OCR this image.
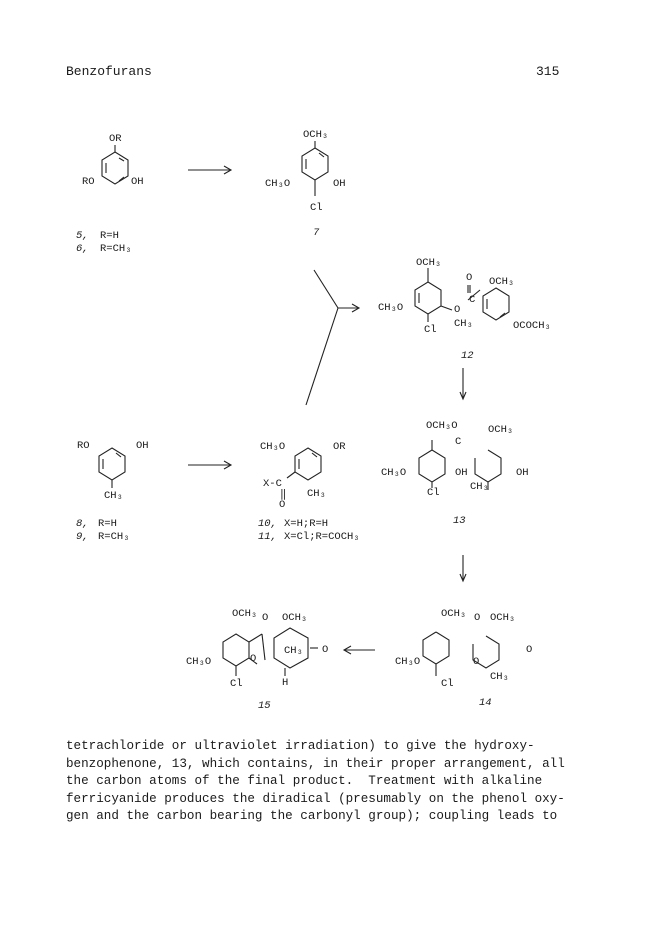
Benzofurans	315
OR
RO	OH
5, R=H
6, R=CH₃
OCH₃
CH₃O	OH
Cl
7
OCH₃
CH₃O
Cl
O
C
O
OCH₃
CH₃	OCOCH₃
12
RO	OH
CH₃
8, R=H
9, R=CH₃
CH₃O	OR
X-C
‖
O
CH₃
10, X=H;R=H
11, X=Cl;R=COCH₃
OCH₃O	OCH₃
C
CH₃O	OH	OH
Cl	CH₃
13
OCH₃ O OCH₃
CH₃O	O
O
Cl
CH₃
14
OCH₃ O OCH₃
CH₃O	O
CH₃ O
Cl	H
15

tetrachloride or ultraviolet irradiation) to give the hydroxy-

benzophenone, 13, which contains, in their proper arrangement, all

the carbon atoms of the final product.  Treatment with alkaline

ferricyanide produces the diradical (presumably on the phenol oxy-

gen and the carbon bearing the carbonyl group); coupling leads to
